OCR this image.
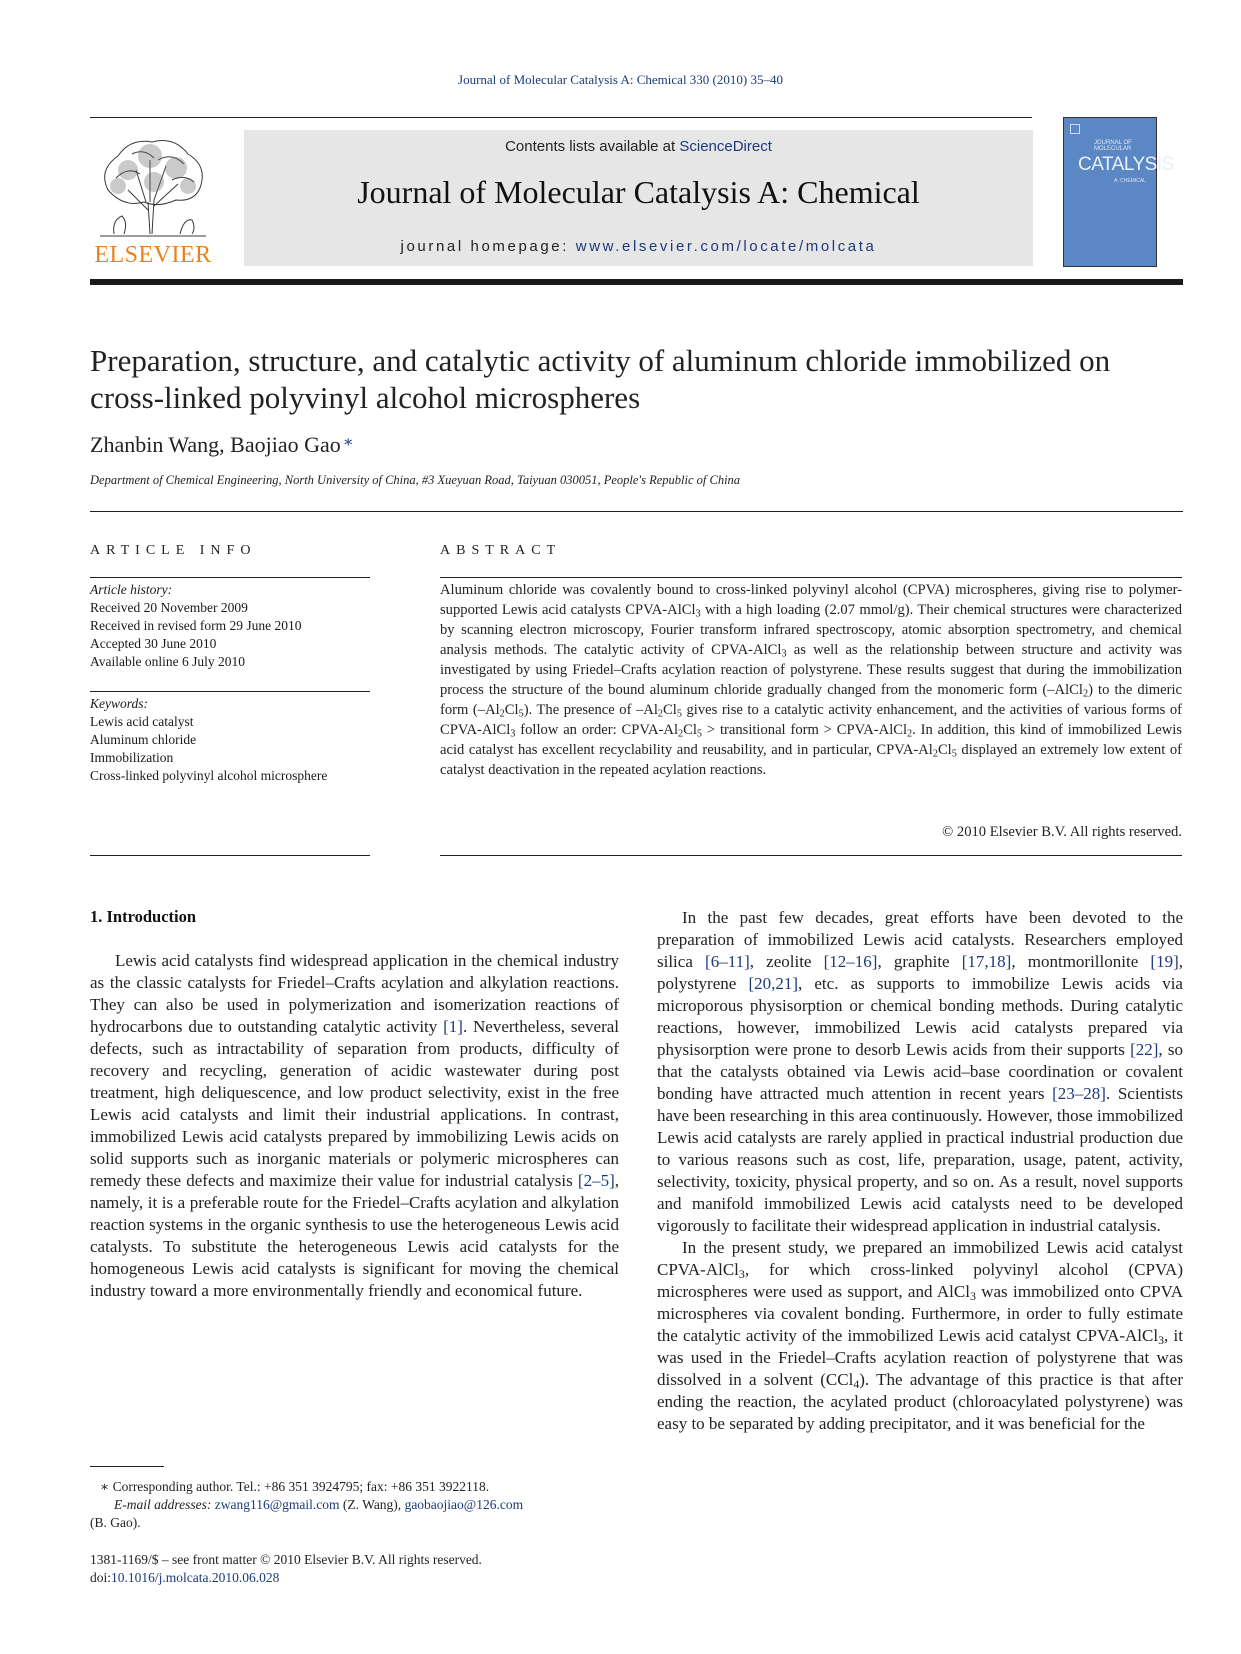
Journal of Molecular Catalysis A: Chemical 330 (2010) 35–40
ELSEVIER
Contents lists available at ScienceDirect
Journal of Molecular Catalysis A: Chemical
journal homepage: www.elsevier.com/locate/molcata
JOURNAL OF MOLECULAR
CATALYSIS
A: CHEMICAL
Preparation, structure, and catalytic activity of aluminum chloride immobilized on cross-linked polyvinyl alcohol microspheres
Zhanbin Wang, Baojiao Gao ∗
Department of Chemical Engineering, North University of China, #3 Xueyuan Road, Taiyuan 030051, People's Republic of China
ARTICLE INFO
Article history:
Received 20 November 2009
Received in revised form 29 June 2010
Accepted 30 June 2010
Available online 6 July 2010
Keywords:
Lewis acid catalyst
Aluminum chloride
Immobilization
Cross-linked polyvinyl alcohol microsphere
ABSTRACT
Aluminum chloride was covalently bound to cross-linked polyvinyl alcohol (CPVA) microspheres, giving rise to polymer-supported Lewis acid catalysts CPVA-AlCl$_3$ with a high loading (2.07 mmol/g). Their chemical structures were characterized by scanning electron microscopy, Fourier transform infrared spectroscopy, atomic absorption spectrometry, and chemical analysis methods. The catalytic activity of CPVA-AlCl$_3$ as well as the relationship between structure and activity was investigated by using Friedel–Crafts acylation reaction of polystyrene. These results suggest that during the immobilization process the structure of the bound aluminum chloride gradually changed from the monomeric form (–AlCl$_2$) to the dimeric form $(-Al_2Cl_5)$. The presence of $-Al_2Cl_5$ gives rise to a catalytic activity enhancement, and the activities of various forms of CPVA-AlCl$_3$ follow an order: CPVA-$Al_2Cl_5$ > transitional form > CPVA-AlCl$_2$. In addition, this kind of immobilized Lewis acid catalyst has excellent recyclability and reusability, and in particular, CPVA-$Al_2Cl_5$ displayed an extremely low extent of catalyst deactivation in the repeated acylation reactions.
© 2010 Elsevier B.V. All rights reserved.
1. Introduction

Lewis acid catalysts find widespread application in the chemical industry as the classic catalysts for Friedel–Crafts acylation and alkylation reactions. They can also be used in polymerization and isomerization reactions of hydrocarbons due to outstanding catalytic activity [1]. Nevertheless, several defects, such as intractability of separation from products, difficulty of recovery and recycling, generation of acidic wastewater during post treatment, high deliquescence, and low product selectivity, exist in the free Lewis acid catalysts and limit their industrial applications. In contrast, immobilized Lewis acid catalysts prepared by immobilizing Lewis acids on solid supports such as inorganic materials or polymeric microspheres can remedy these defects and maximize their value for industrial catalysis [2–5], namely, it is a preferable route for the Friedel–Crafts acylation and alkylation reaction systems in the organic synthesis to use the heterogeneous Lewis acid catalysts. To substitute the heterogeneous Lewis acid catalysts for the homogeneous Lewis acid catalysts is significant for moving the chemical industry toward a more environmentally friendly and economical future.

In the past few decades, great efforts have been devoted to the preparation of immobilized Lewis acid catalysts. Researchers employed silica [6–11], zeolite [12–16], graphite [17,18], montmorillonite [19], polystyrene [20,21], etc. as supports to immobilize Lewis acids via microporous physisorption or chemical bonding methods. During catalytic reactions, however, immobilized Lewis acid catalysts prepared via physisorption were prone to desorb Lewis acids from their supports [22], so that the catalysts obtained via Lewis acid–base coordination or covalent bonding have attracted much attention in recent years [23–28]. Scientists have been researching in this area continuously. However, those immobilized Lewis acid catalysts are rarely applied in practical industrial production due to various reasons such as cost, life, preparation, usage, patent, activity, selectivity, toxicity, physical property, and so on. As a result, novel supports and manifold immobilized Lewis acid catalysts need to be developed vigorously to facilitate their widespread application in industrial catalysis.

In the present study, we prepared an immobilized Lewis acid catalyst CPVA-AlCl$_3$, for which cross-linked polyvinyl alcohol (CPVA) microspheres were used as support, and AlCl$_3$ was immobilized onto CPVA microspheres via covalent bonding. Furthermore, in order to fully estimate the catalytic activity of the immobilized Lewis acid catalyst CPVA-AlCl$_3$, it was used in the Friedel–Crafts acylation reaction of polystyrene that was dissolved in a solvent (CCl$_4$). The advantage of this practice is that after ending the reaction, the acylated product (chloroacylated polystyrene) was easy to be separated by adding precipitator, and it was beneficial for the

∗ Corresponding author. Tel.: +86 351 3924795; fax: +86 351 3922118.
E-mail addresses: zwang116@gmail.com (Z. Wang), gaobaojiao@126.com
(B. Gao).
1381-1169/$ – see front matter © 2010 Elsevier B.V. All rights reserved.
doi:10.1016/j.molcata.2010.06.028
